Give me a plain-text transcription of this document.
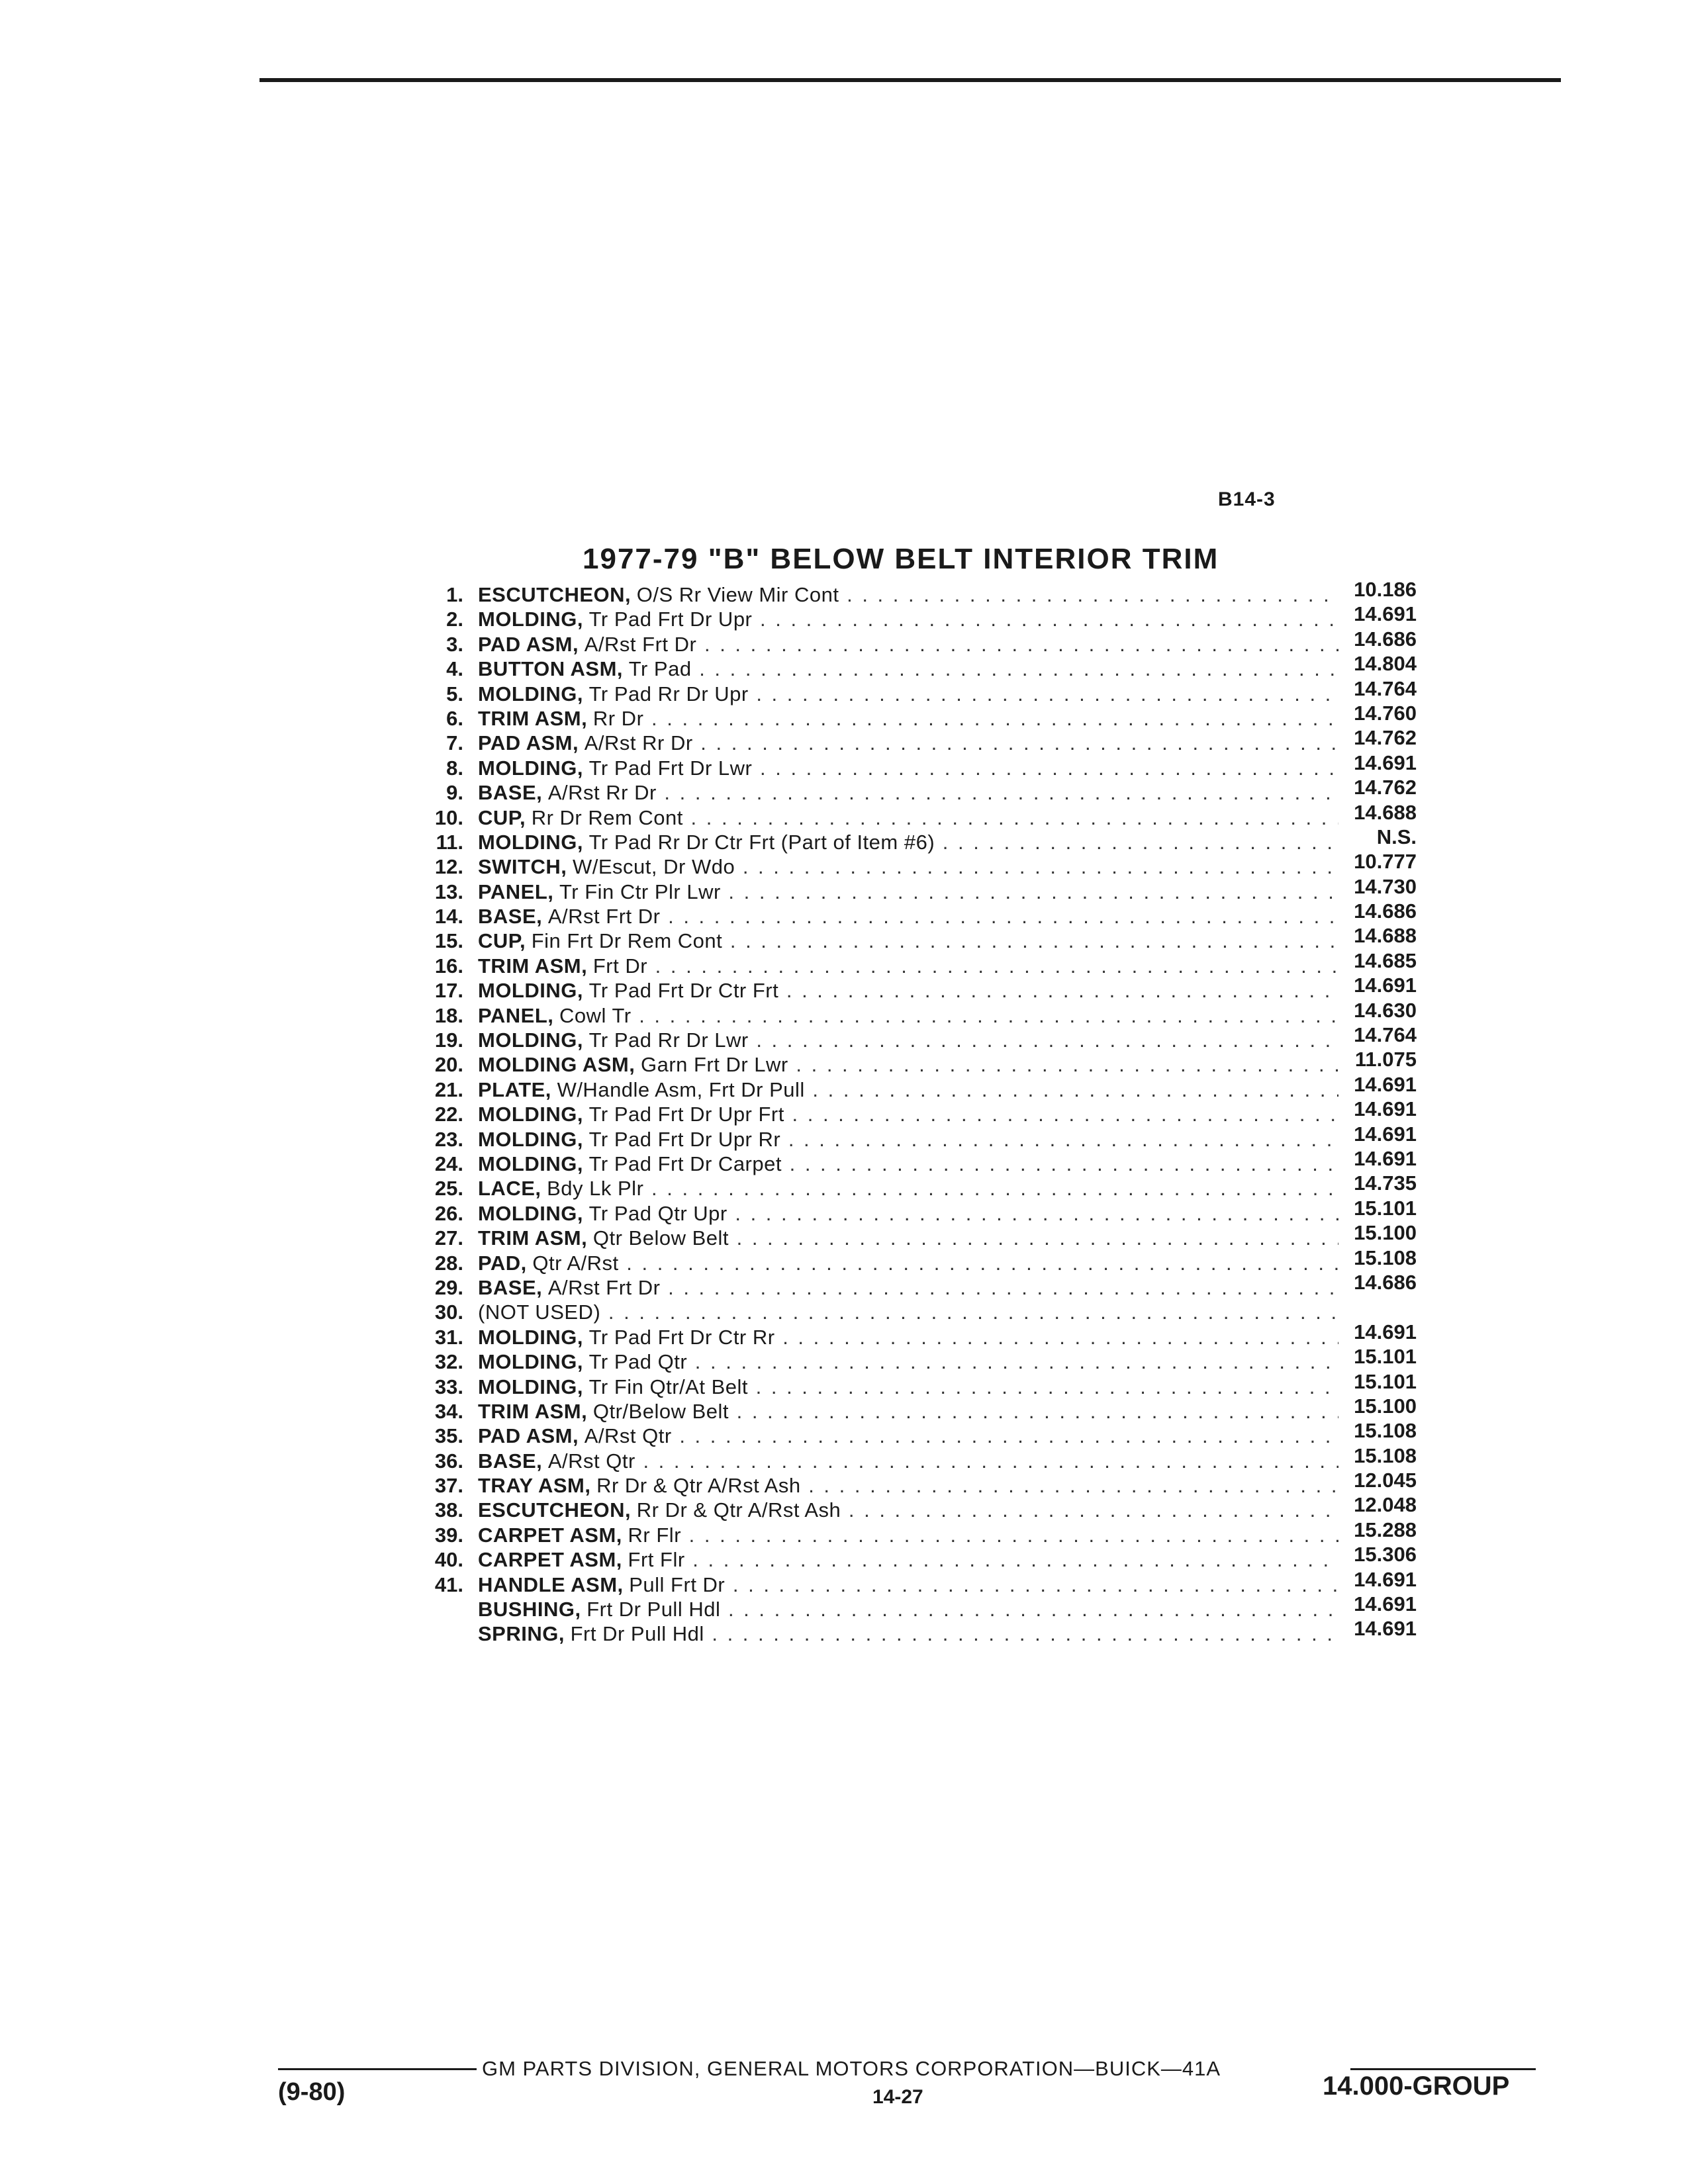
B14-3
1977-79 "B" BELOW BELT INTERIOR TRIM
1. ESCUTCHEON, O/S Rr View Mir Cont . . .	10.186
2. MOLDING, Tr Pad Frt Dr Upr . . .	14.691
3. PAD ASM, A/Rst Frt Dr . . .	14.686
4. BUTTON ASM, Tr Pad . . .	14.804
5. MOLDING, Tr Pad Rr Dr Upr . . .	14.764
6. TRIM ASM, Rr Dr . . .	14.760
7. PAD ASM, A/Rst Rr Dr . . .	14.762
8. MOLDING, Tr Pad Frt Dr Lwr . . .	14.691
9. BASE, A/Rst Rr Dr . . .	14.762
10. CUP, Rr Dr Rem Cont . . .	14.688
11. MOLDING, Tr Pad Rr Dr Ctr Frt (Part of Item #6) . . .	N.S.
12. SWITCH, W/Escut, Dr Wdo . . .	10.777
13. PANEL, Tr Fin Ctr Plr Lwr . . .	14.730
14. BASE, A/Rst Frt Dr . . .	14.686
15. CUP, Fin Frt Dr Rem Cont . . .	14.688
16. TRIM ASM, Frt Dr . . .	14.685
17. MOLDING, Tr Pad Frt Dr Ctr Frt . . .	14.691
18. PANEL, Cowl Tr . . .	14.630
19. MOLDING, Tr Pad Rr Dr Lwr . . .	14.764
20. MOLDING ASM, Garn Frt Dr Lwr . . .	11.075
21. PLATE, W/Handle Asm, Frt Dr Pull . . .	14.691
22. MOLDING, Tr Pad Frt Dr Upr Frt . . .	14.691
23. MOLDING, Tr Pad Frt Dr Upr Rr . . .	14.691
24. MOLDING, Tr Pad Frt Dr Carpet . . .	14.691
25. LACE, Bdy Lk Plr . . .	14.735
26. MOLDING, Tr Pad Qtr Upr . . .	15.101
27. TRIM ASM, Qtr Below Belt . . .	15.100
28. PAD, Qtr A/Rst . . .	15.108
29. BASE, A/Rst Frt Dr . . .	14.686
30. (NOT USED) . . .
31. MOLDING, Tr Pad Frt Dr Ctr Rr . . .	14.691
32. MOLDING, Tr Pad Qtr . . .	15.101
33. MOLDING, Tr Fin Qtr/At Belt . . .	15.101
34. TRIM ASM, Qtr/Below Belt . . .	15.100
35. PAD ASM, A/Rst Qtr . . .	15.108
36. BASE, A/Rst Qtr . . .	15.108
37. TRAY ASM, Rr Dr & Qtr A/Rst Ash . . .	12.045
38. ESCUTCHEON, Rr Dr & Qtr A/Rst Ash . . .	12.048
39. CARPET ASM, Rr Flr . . .	15.288
40. CARPET ASM, Frt Flr . . .	15.306
41. HANDLE ASM, Pull Frt Dr . . .	14.691
BUSHING, Frt Dr Pull Hdl . . .	14.691
SPRING, Frt Dr Pull Hdl . . .	14.691
GM PARTS DIVISION, GENERAL MOTORS CORPORATION—BUICK—41A
(9-80)	14-27	14.000-GROUP
